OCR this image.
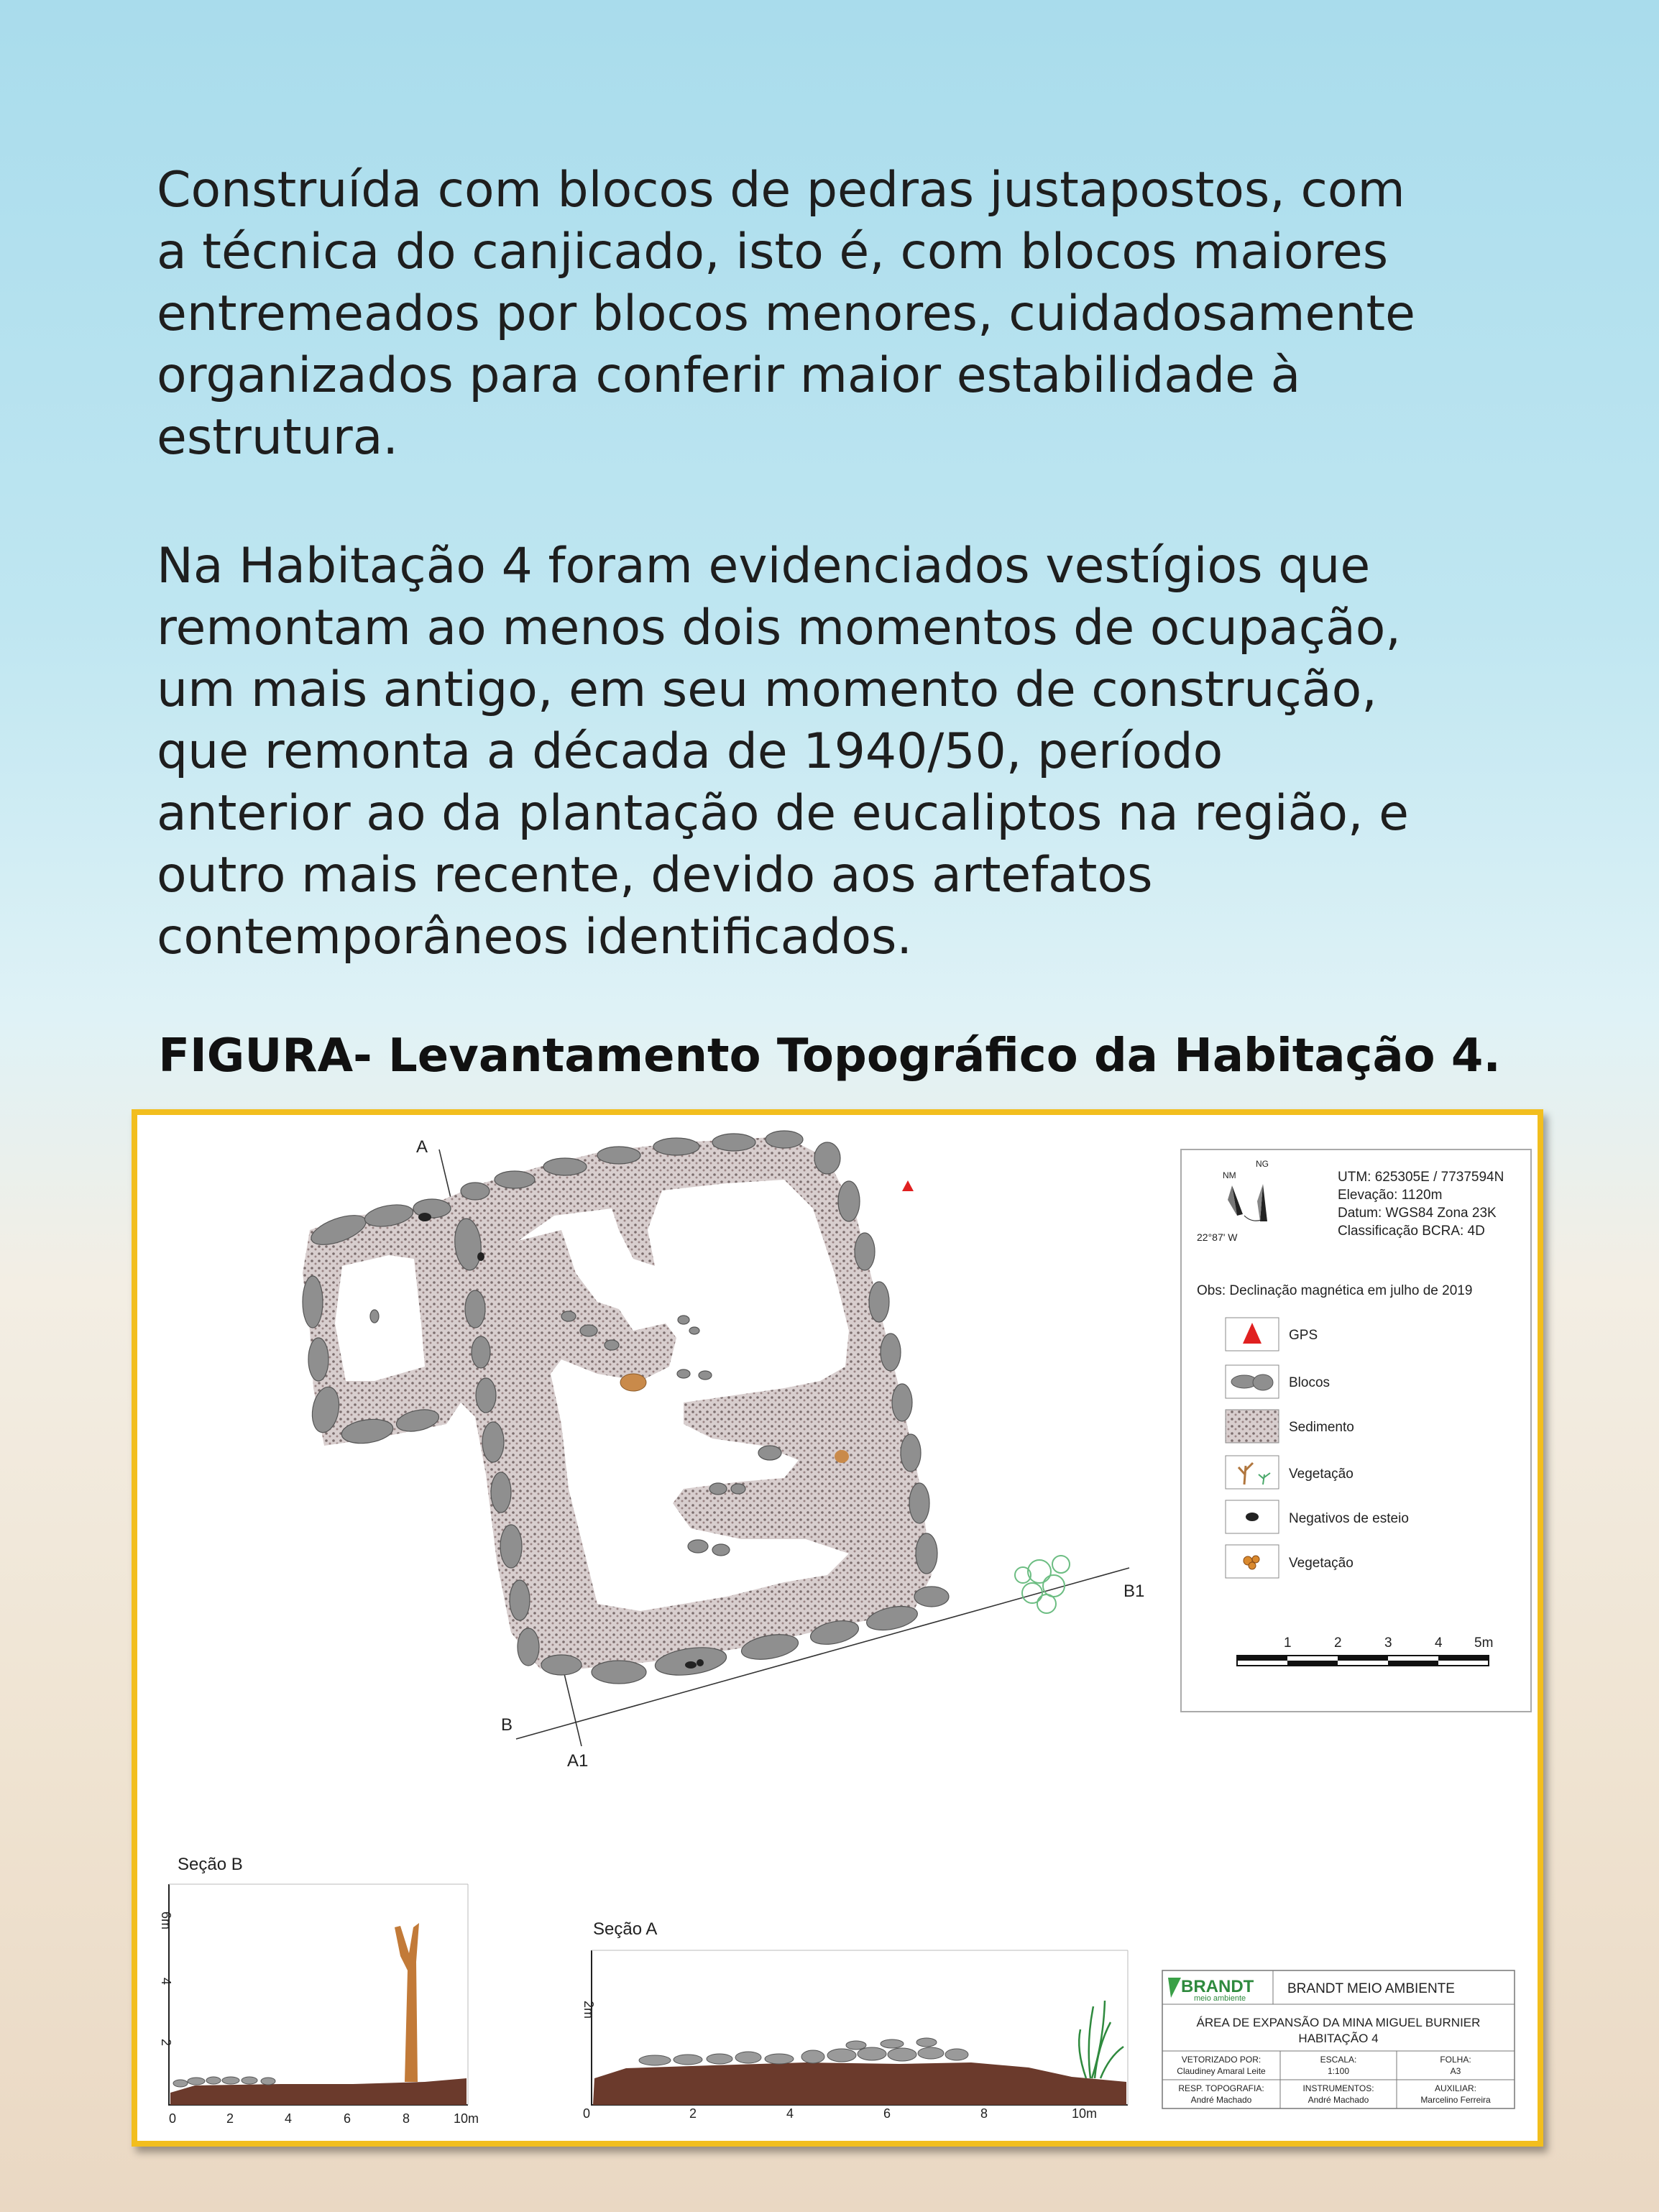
Construída com blocos de pedras justapostos, com
a técnica do canjicado, isto é, com blocos maiores
entremeados por blocos menores, cuidadosamente
organizados para conferir maior estabilidade à
estrutura.
Na Habitação 4 foram evidenciados vestígios que
remontam ao menos dois momentos de ocupação,
um mais antigo, em seu momento de construção,
que remonta a década de 1940/50, período
anterior ao da plantação de eucaliptos na região, e
outro mais recente, devido aos artefatos
contemporâneos identificados.
FIGURA- Levantamento Topográfico da Habitação 4.
A
A1
B
B1
NM
NG
22°87' W
UTM: 625305E / 7737594N
Elevação: 1120m
Datum: WGS84 Zona 23K
Classificação BCRA: 4D
Obs: Declinação magnética em julho de 2019
GPS
Blocos
Sedimento
Vegetação
Negativos de esteio
Vegetação
1	2	3	4 5m
Seção B
6m
4
2
0	2	4	6	8	10m
Seção A
2m
0	2	4	6	8	10m
BRANDT
meio ambiente
BRANDT MEIO AMBIENTE
ÁREA DE EXPANSÃO DA MINA MIGUEL BURNIER
HABITAÇÃO 4
VETORIZADO POR:
Claudiney Amaral Leite
ESCALA:
1:100
FOLHA:
A3
RESP. TOPOGRAFIA:
André Machado
INSTRUMENTOS:
André Machado
AUXILIAR:
Marcelino Ferreira
